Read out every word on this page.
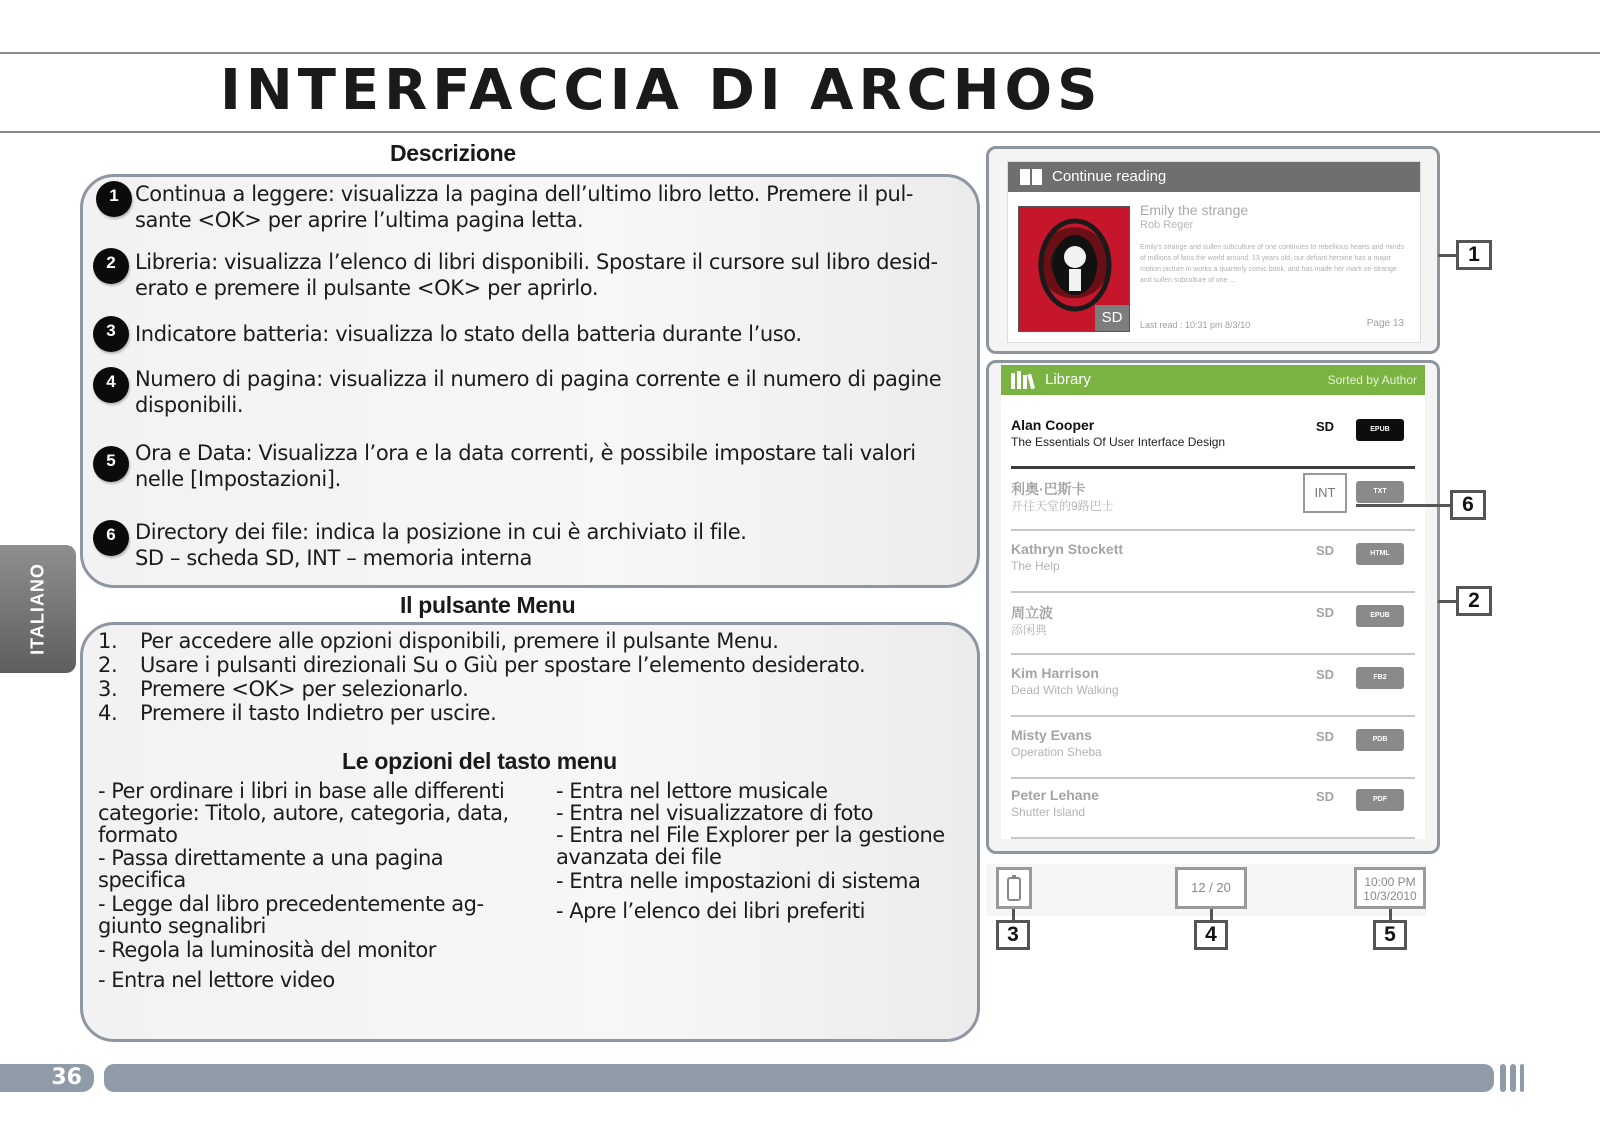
INTERFACCIA DI ARCHOS
ITALIANO
Descrizione
1 Continua a leggere: visualizza la pagina dell’ultimo libro letto. Premere il pul-
sante <OK> per aprire l’ultima pagina letta.
2 Libreria: visualizza l’elenco di libri disponibili. Spostare il cursore sul libro desid-
erato e premere il pulsante <OK> per aprirlo.
3 Indicatore batteria: visualizza lo stato della batteria durante l’uso.
4 Numero di pagina: visualizza il numero di pagina corrente e il numero di pagine
disponibili.
5 Ora e Data: Visualizza l’ora e la data correnti, è possibile impostare tali valori
nelle [Impostazioni].
6 Directory dei file: indica la posizione in cui è archiviato il file.
SD – scheda SD, INT – memoria interna
Il pulsante Menu
1. Per accedere alle opzioni disponibili, premere il pulsante Menu.
2. Usare i pulsanti direzionali Su o Giù per spostare l’elemento desiderato.
3. Premere <OK> per selezionarlo.
4. Premere il tasto Indietro per uscire.
Le opzioni del tasto menu
- Per ordinare i libri in base alle differenti categorie: Titolo, autore, categoria, data, formato
- Passa direttamente a una pagina specifica
- Legge dal libro precedentemente ag-giunto segnalibri
- Regola la luminosità del monitor
- Entra nel lettore video
- Entra nel lettore musicale
- Entra nel visualizzatore di foto
- Entra nel File Explorer per la gestione avanzata dei file
- Entra nelle impostazioni di sistema
- Apre l’elenco dei libri preferiti
Continue reading
SD
Emily the strange
Rob Reger
Emily's strange and sullen subculture of one continues to rebellious hearts and minds of millions of fans the world around. 13 years old, our defiant heroine has a major motion picture in works a quarterly comic book, and has made her mark on strange and sullen subculture of one ...
Last read : 10:31 pm 8/3/10	Page 13
Library	Sorted by Author
Alan Cooper
The Essentials Of User Interface Design
SD	EPUB
利奥·巴斯卡
开往天堂的9路巴士
INT	TXT
Kathryn Stockett
The Help
SD	HTML
周立波
添闲典
SD	EPUB
Kim Harrison
Dead Witch Walking
SD	FB2
Misty Evans
Operation Sheba
SD	PDB
Peter Lehane
Shutter Island
SD	PDF
12 / 20	10:00 PM
10/3/2010
1
6
2
3	4	5
36
